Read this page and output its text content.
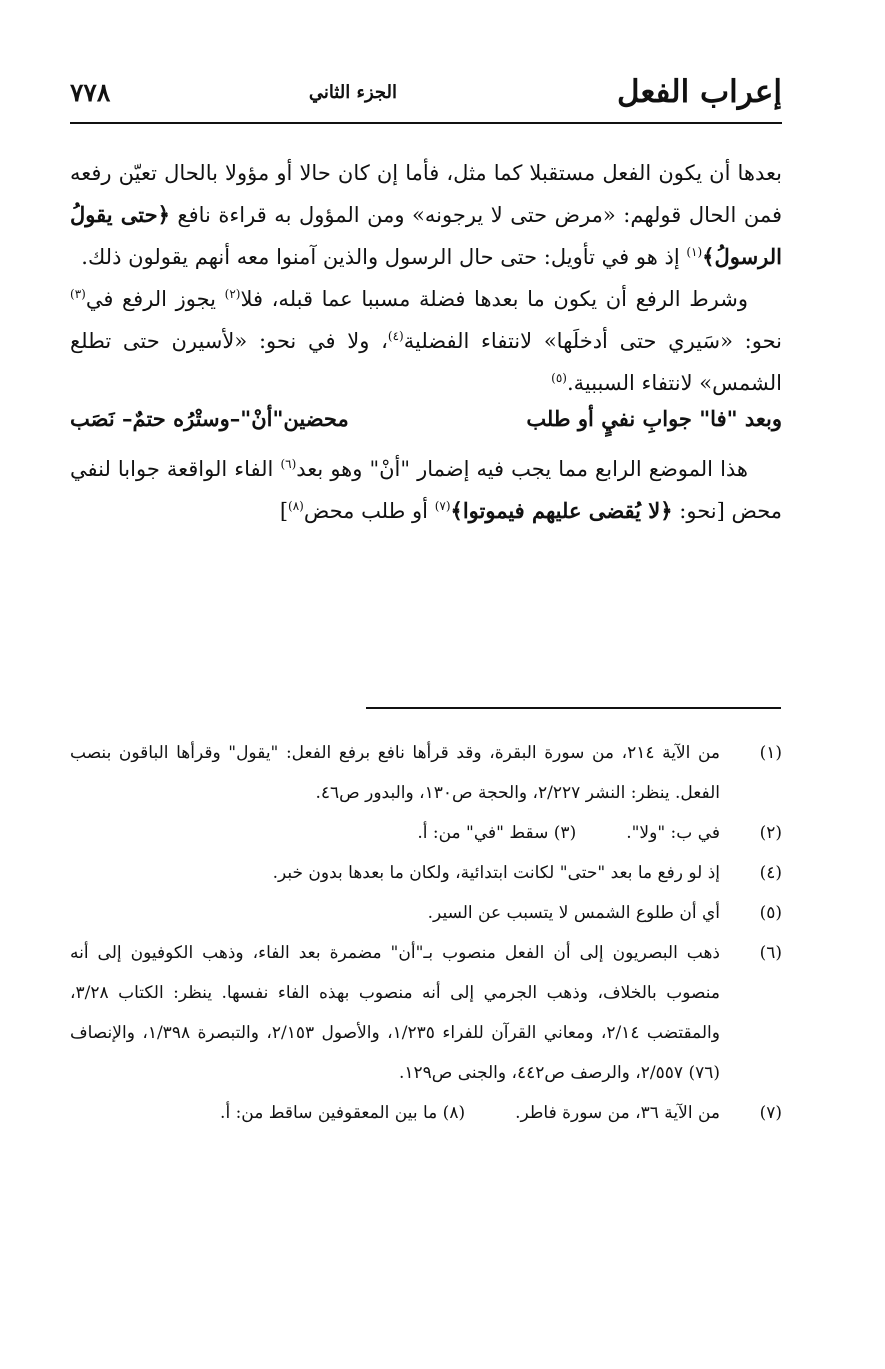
إعراب الفعل
الجزء الثاني
٧٧٨

بعدها أن يكون الفعل مستقبلا كما مثل، فأما إن كان حالا أو مؤولا بالحال تعيّن رفعه فمن الحال قولهم: «مرض حتى لا يرجونه» ومن المؤول به قراءة نافع ﴿حتى يقولُ الرسولُ﴾$^{(١)}$ إذ هو في تأويل: حتى حال الرسول والذين آمنوا معه أنهم يقولون ذلك.

وشرط الرفع أن يكون ما بعدها فضلة مسببا عما قبله، فلا$^{(٢)}$ يجوز الرفع في$^{(٣)}$ نحو: «سَيري حتى أدخلَها» لانتفاء الفضلية$^{(٤)}$، ولا في نحو: «لأسيرن حتى تطلع الشمس» لانتفاء السببية.$^{(٥)}$

وبعد "فا" جوابِ نفيٍ أو طلب
محضين"أنْ"–وستْرُه حتمٌ– نَصَب

هذا الموضع الرابع مما يجب فيه إضمار "أنْ" وهو بعد$^{(٦)}$ الفاء الواقعة جوابا لنفي محض [نحو: ﴿لا يُقضى عليهم فيموتوا﴾$^{(٧)}$ أو طلب محض$^{(٨)}$]

(١)
من الآية ٢١٤، من سورة البقرة، وقد قرأها نافع برفع الفعل: "يقول" وقرأها الباقون بنصب الفعل. ينظر: النشر ٢/٢٢٧، والحجة ص١٣٠، والبدور ص٤٦.

(٢)
في ب: "ولا".(٣) سقط "في" من: أ.

(٤)
إذ لو رفع ما بعد "حتى" لكانت ابتدائية، ولكان ما بعدها بدون خبر.

(٥)
أي أن طلوع الشمس لا يتسبب عن السير.

(٦)
ذهب البصريون إلى أن الفعل منصوب بـ"أن" مضمرة بعد الفاء، وذهب الكوفيون إلى أنه منصوب بالخلاف، وذهب الجرمي إلى أنه منصوب بهذه الفاء نفسها. ينظر: الكتاب ٣/٢٨، والمقتضب ٢/١٤، ومعاني القرآن للفراء ١/٢٣٥، والأصول ٢/١٥٣، والتبصرة ١/٣٩٨، والإنصاف (٧٦) ٢/٥٥٧، والرصف ص٤٤٢، والجنى ص١٢٩.

(٧)
من الآية ٣٦، من سورة فاطر.(٨) ما بين المعقوفين ساقط من: أ.
